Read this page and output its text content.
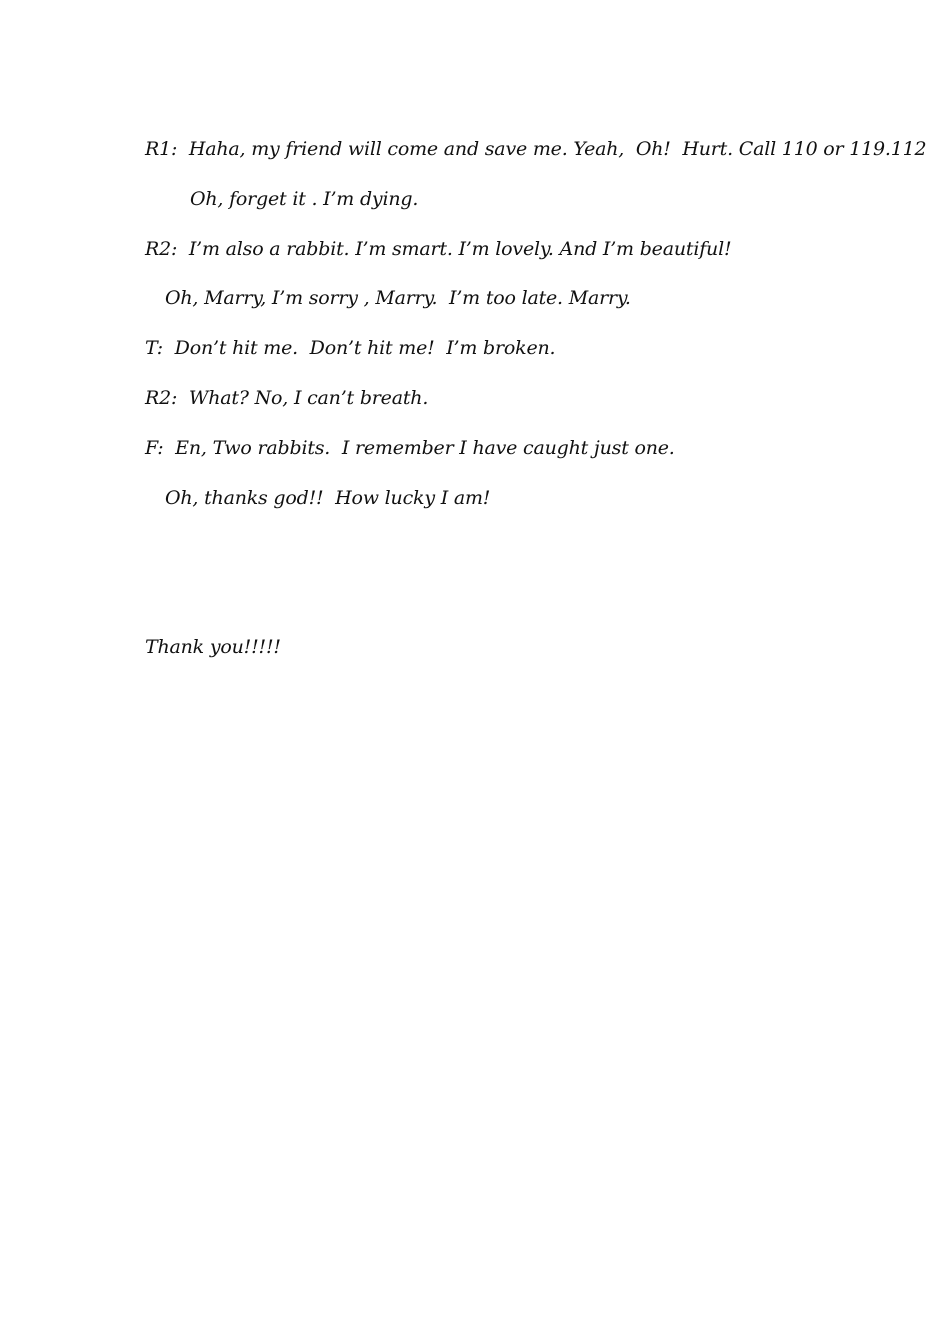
R1:  Haha, my friend will come and save me. Yeah,  Oh!  Hurt. Call 110 or 119.112
Oh, forget it . I’m dying.
R2:  I’m also a rabbit. I’m smart. I’m lovely. And I’m beautiful!
Oh, Marry, I’m sorry , Marry.  I’m too late. Marry.
T:  Don’t hit me.  Don’t hit me!  I’m broken.
R2:  What? No, I can’t breath.
F:  En, Two rabbits.  I remember I have caught just one.
Oh, thanks god!!  How lucky I am!
Thank you!!!!!
